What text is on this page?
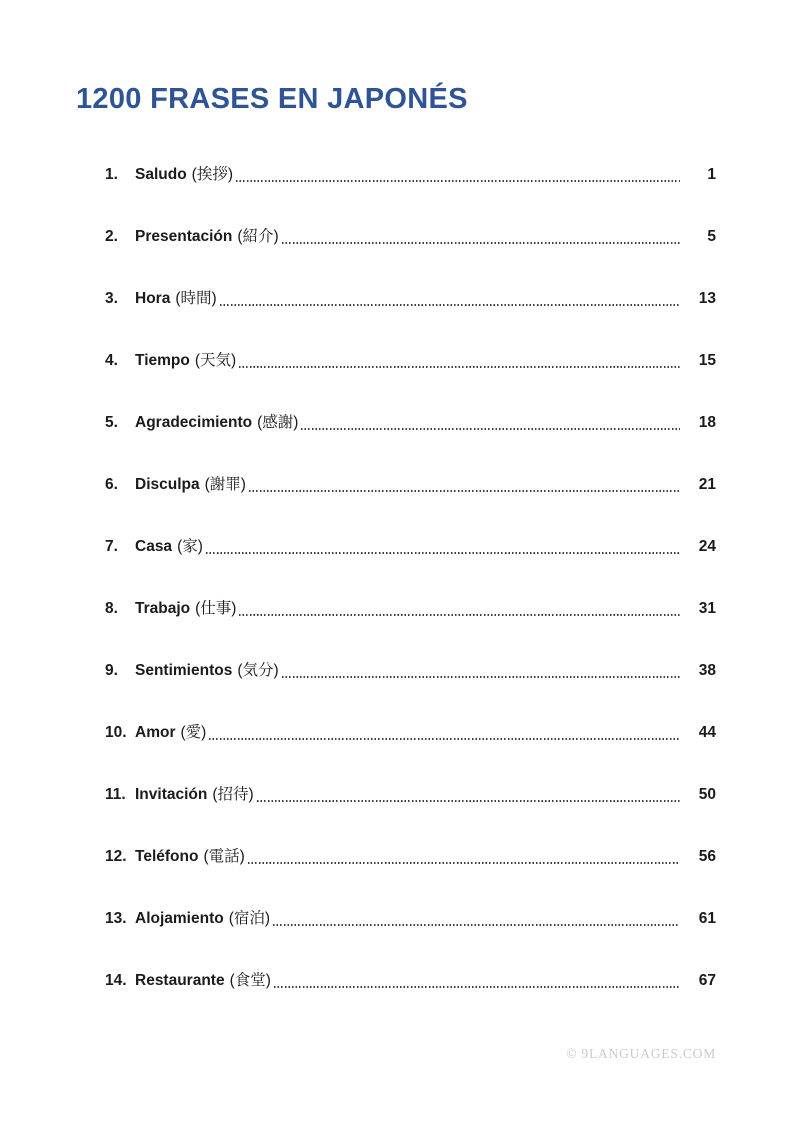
1200 FRASES EN JAPONÉS
1.	Saludo (挨拶)	1
2.	Presentación (紹介)	5
3.	Hora (時間)	13
4.	Tiempo (天気)	15
5.	Agradecimiento (感謝)	18
6.	Disculpa (謝罪)	21
7.	Casa (家)	24
8.	Trabajo (仕事)	31
9.	Sentimientos (気分)	38
10. Amor (愛)	44
11. Invitación (招待)	50
12. Teléfono (電話)	56
13. Alojamiento (宿泊)	61
14. Restaurante (食堂)	67
© 9LANGUAGES.COM
